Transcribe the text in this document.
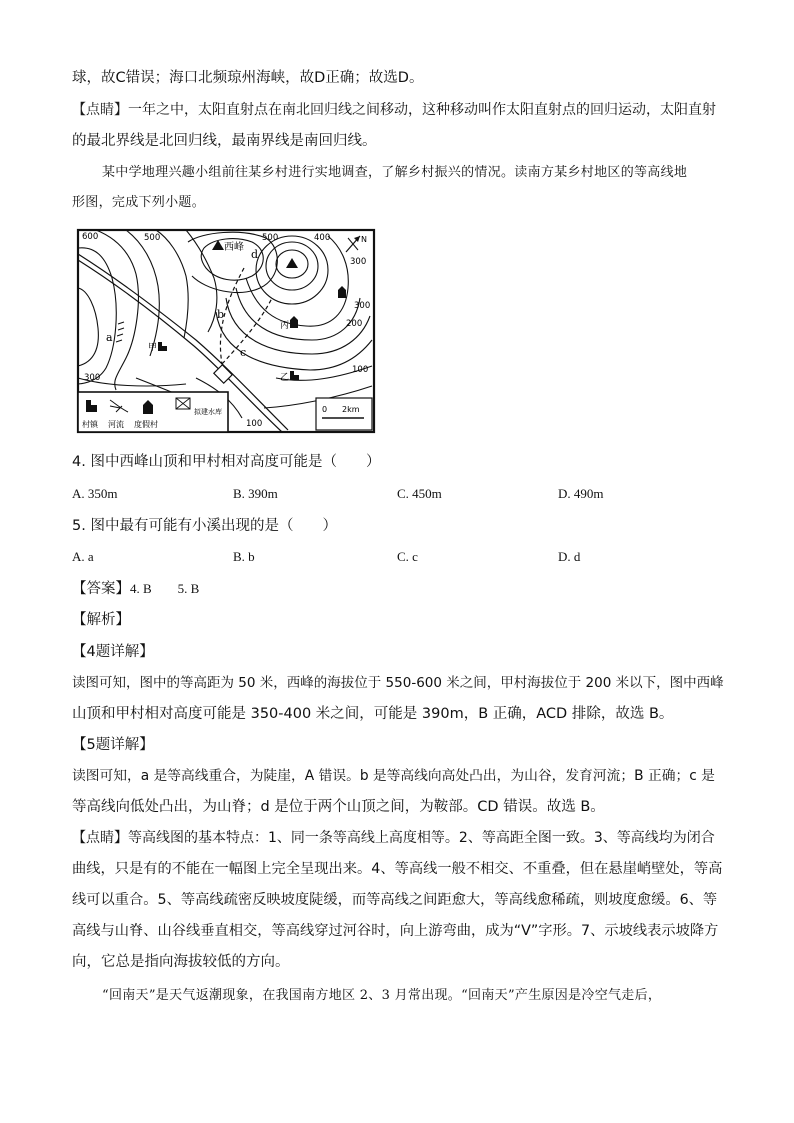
球，故C错误；海口北频琼州海峡，故D正确；故选D。
【点睛】一年之中，太阳直射点在南北回归线之间移动，这种移动叫作太阳直射点的回归运动，太阳直射
的最北界线是北回归线，最南界线是南回归线。
某中学地理兴趣小组前往某乡村进行实地调查，了解乡村振兴的情况。读南方某乡村地区的等高线地
形图，完成下列小题。
西峰
a
b
c
d
600	500	400
500
300
300
300
200
100
100
甲
乙
丙
N
0 2km
村镇 河流 度假村
拟建水库
4. 图中西峰山顶和甲村相对高度可能是（　　）
A. 350m	B. 390m	C. 450m	D. 490m
5. 图中最有可能有小溪出现的是（　　）
A. a	B. b	C. c	D. d
【答案】4. B　　5. B
【解析】
【4题详解】
读图可知，图中的等高距为 50 米，西峰的海拔位于 550-600 米之间，甲村海拔位于 200 米以下，图中西峰
山顶和甲村相对高度可能是 350-400 米之间，可能是 390m，B 正确，ACD 排除，故选 B。
【5题详解】
读图可知，a 是等高线重合，为陡崖，A 错误。b 是等高线向高处凸出，为山谷，发育河流；B 正确；c 是
等高线向低处凸出，为山脊；d 是位于两个山顶之间，为鞍部。CD 错误。故选 B。
【点睛】等高线图的基本特点：1、同一条等高线上高度相等。2、等高距全图一致。3、等高线均为闭合
曲线，只是有的不能在一幅图上完全呈现出来。4、等高线一般不相交、不重叠，但在悬崖峭壁处，等高
线可以重合。5、等高线疏密反映坡度陡缓，而等高线之间距愈大，等高线愈稀疏，则坡度愈缓。6、等
高线与山脊、山谷线垂直相交，等高线穿过河谷时，向上游弯曲，成为“V”字形。7、示坡线表示坡降方
向，它总是指向海拔较低的方向。
“回南天”是天气返潮现象，在我国南方地区 2、3 月常出现。“回南天”产生原因是冷空气走后，
